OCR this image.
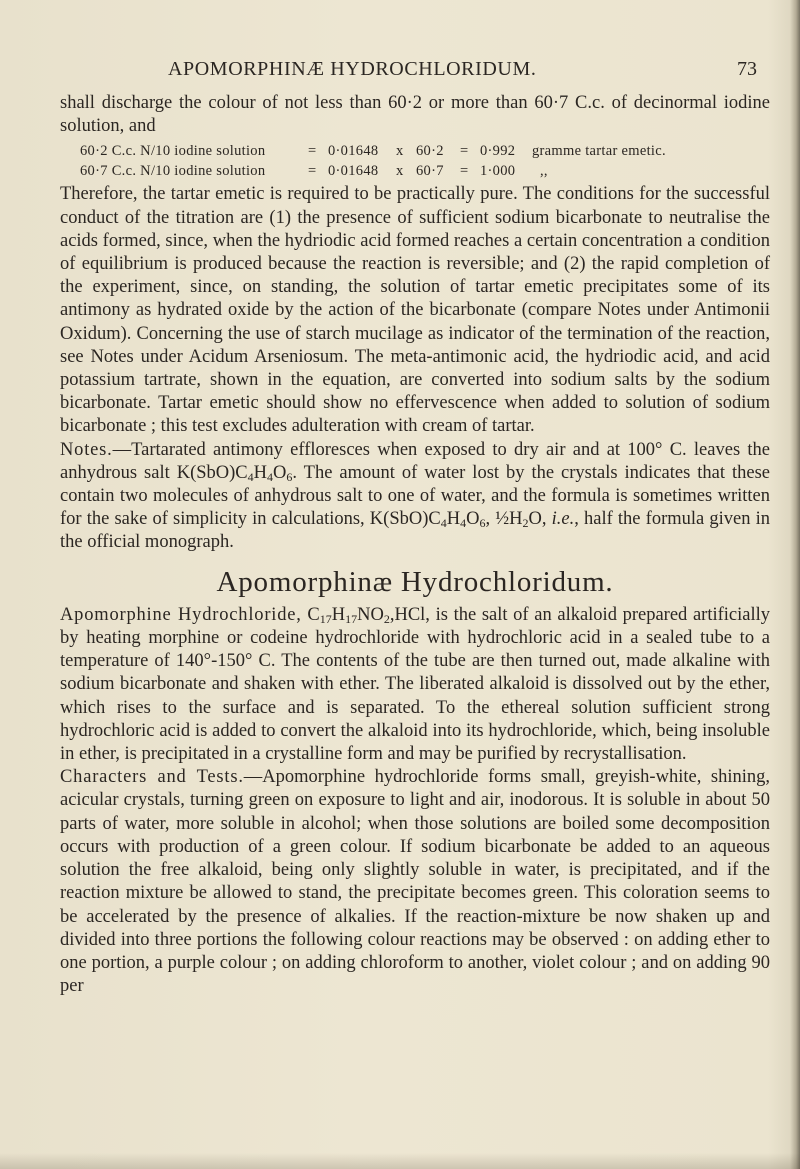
APOMORPHINÆ HYDROCHLORIDUM.	73

shall discharge the colour of not less than 60·2 or more than 60·7 C.c. of decinormal iodine solution, and

60·2 C.c. N/10 iodine solution	= 0·01648	x 60·2	= 0·992	gramme tartar emetic.
60·7 C.c. N/10 iodine solution	= 0·01648	x 60·7	= 1·000	,,

Therefore, the tartar emetic is required to be practically pure. The conditions for the successful conduct of the titration are (1) the presence of sufficient sodium bicarbonate to neutralise the acids formed, since, when the hydriodic acid formed reaches a certain concentration a condition of equilibrium is produced because the reaction is reversible; and (2) the rapid completion of the experiment, since, on standing, the solution of tartar emetic precipitates some of its antimony as hydrated oxide by the action of the bicarbonate (compare Notes under Antimonii Oxidum). Concerning the use of starch mucilage as indicator of the termination of the reaction, see Notes under Acidum Arseniosum. The meta-antimonic acid, the hydriodic acid, and acid potassium tartrate, shown in the equation, are converted into sodium salts by the sodium bicarbonate. Tartar emetic should show no effervescence when added to solution of sodium bicarbonate ; this test excludes adulteration with cream of tartar.

Notes.—Tartarated antimony effloresces when exposed to dry air and at 100° C. leaves the anhydrous salt $K(SbO)C_4H_4O_6$. The amount of water lost by the crystals indicates that these contain two molecules of anhydrous salt to one of water, and the formula is sometimes written for the sake of simplicity in calculations, $K(SbO)C_4H_4O_6$, $\frac{1}{2}H_2O$, i.e., half the formula given in the official monograph.

Apomorphinæ Hydrochloridum.

Apomorphine Hydrochloride, $C_{17}H_{17}NO_2,HCl$, is the salt of an alkaloid prepared artificially by heating morphine or codeine hydrochloride with hydrochloric acid in a sealed tube to a temperature of 140°-150° C. The contents of the tube are then turned out, made alkaline with sodium bicarbonate and shaken with ether. The liberated alkaloid is dissolved out by the ether, which rises to the surface and is separated. To the ethereal solution sufficient strong hydrochloric acid is added to convert the alkaloid into its hydrochloride, which, being insoluble in ether, is precipitated in a crystalline form and may be purified by recrystallisation.

Characters and Tests.—Apomorphine hydrochloride forms small, greyish-white, shining, acicular crystals, turning green on exposure to light and air, inodorous. It is soluble in about 50 parts of water, more soluble in alcohol; when those solutions are boiled some decomposition occurs with production of a green colour. If sodium bicarbonate be added to an aqueous solution the free alkaloid, being only slightly soluble in water, is precipitated, and if the reaction mixture be allowed to stand, the precipitate becomes green. This coloration seems to be accelerated by the presence of alkalies. If the reaction-mixture be now shaken up and divided into three portions the following colour reactions may be observed : on adding ether to one portion, a purple colour ; on adding chloroform to another, violet colour ; and on adding 90 per
